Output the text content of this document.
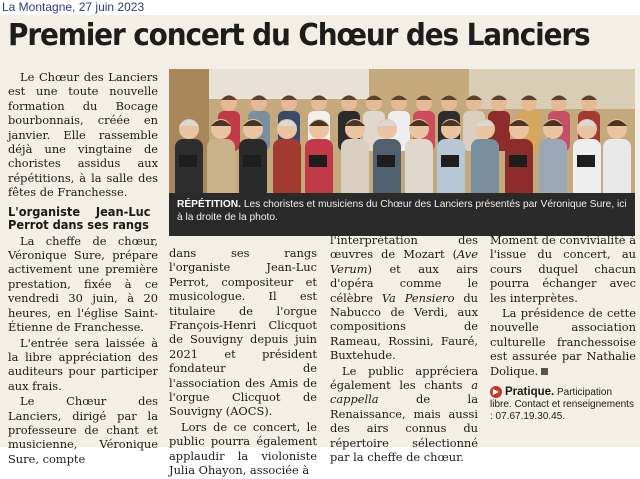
La Montagne, 27 juin 2023
Premier concert du Chœur des Lanciers

Le Chœur des Lanciers est une toute nouvelle formation du Bocage bourbonnais, créée en janvier. Elle rassemble déjà une vingtaine de choristes assidus aux répétitions, à la salle des fêtes de Franchesse.

L'organiste Jean-Luc Perrot dans ses rangs

La cheffe de chœur, Véronique Sure, prépare activement une première prestation, fixée à ce vendredi 30 juin, à 20 heures, en l'église Saint-Étienne de Franchesse.

L'entrée sera laissée à la libre appréciation des auditeurs pour participer aux frais.

Le Chœur des Lanciers, dirigé par la professeure de chant et musicienne, Véronique Sure, compte

RÉPÉTITION. Les choristes et musiciens du Chœur des Lanciers présentés par Véronique Sure, ici à la droite de la photo.

dans ses rangs l'organiste Jean-Luc Perrot, compositeur et musicologue. Il est titulaire de l'orgue François-Henri Clicquot de Souvigny depuis juin 2021 et président fondateur de l'association des Amis de l'orgue Clicquot de Souvigny (AOCS).

Lors de ce concert, le public pourra également applaudir la violoniste Julia Ohayon, associée à

l'interprétation des œuvres de Mozart (Ave Verum) et aux airs d'opéra comme le célèbre Va Pensiero du Nabucco de Verdi, aux compositions de Rameau, Rossini, Fauré, Buxtehude.

Le public appréciera également les chants a cappella de la Renaissance, mais aussi des airs connus du répertoire sélectionné par la cheffe de chœur.

Moment de convivialité à l'issue du concert, au cours duquel chacun pourra échanger avec les interprètes.

La présidence de cette nouvelle association culturelle franchessoise est assurée par Nathalie Dolique.

▶ Pratique. Participation libre. Contact et renseignements : 07.67.19.30.45.
